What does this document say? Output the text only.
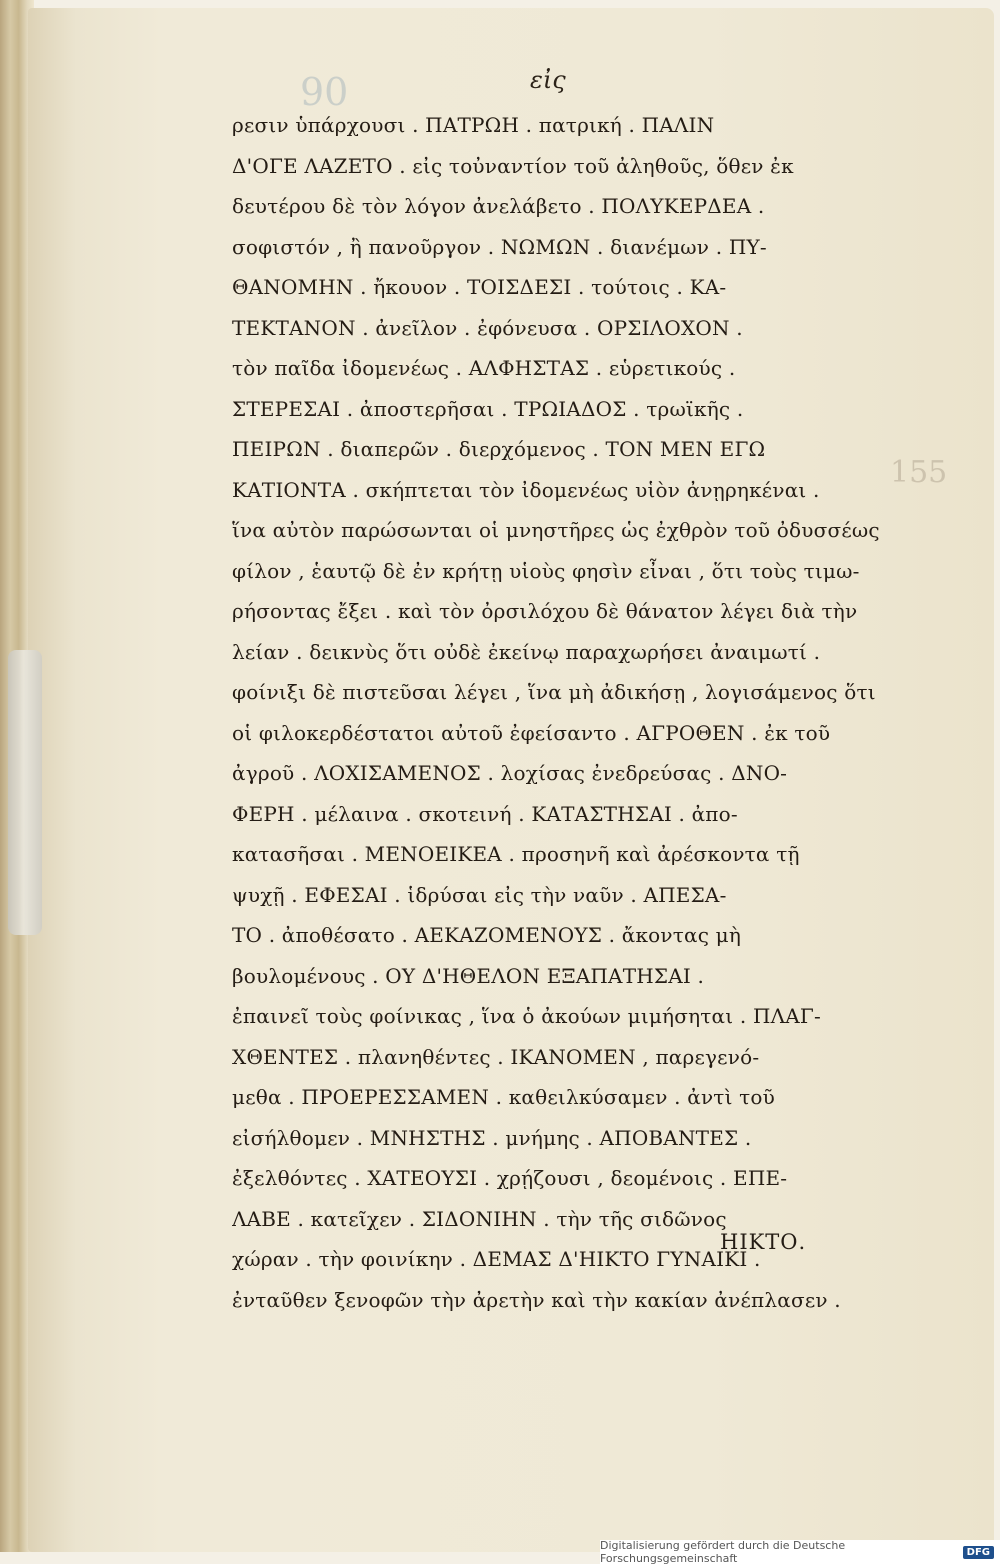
90
155
εἰς
ρεσιν ὑπάρχουσι . ΠΑΤΡΩΗ . πατρική . ΠΑΛΙΝ
Δ'ΟΓΕ ΛΑΖΕΤΟ . εἰς τοὐναντίον τοῦ ἀληθοῦς, ὅθεν ἐκ
δευτέρου δὲ τὸν λόγον ἀνελάβετο . ΠΟΛΥΚΕΡΔΕΑ .
σοφιστόν , ἢ πανοῦργον . ΝΩΜΩΝ . διανέμων . ΠΥ-
ΘΑΝΟΜΗΝ . ἤκουον . ΤΟΙΣΔΕΣΙ . τούτοις . ΚΑ-
ΤΕΚΤΑΝΟΝ . ἀνεῖλον . ἐφόνευσα . ΟΡΣΙΛΟΧΟΝ .
τὸν παῖδα ἰδομενέως . ΑΛΦΗΣΤΑΣ . εὑρετικούς .
ΣΤΕΡΕΣΑΙ . ἀποστερῆσαι . ΤΡΩΙΑΔΟΣ . τρωϊκῆς .
ΠΕΙΡΩΝ . διαπερῶν . διερχόμενος . ΤΟΝ ΜΕΝ ΕΓΩ
ΚΑΤΙΟΝΤΑ . σκήπτεται τὸν ἰδομενέως υἱὸν ἀνῃρηκέναι .
ἵνα αὐτὸν παρώσωνται οἱ μνηστῆρες ὡς ἐχθρὸν τοῦ ὀδυσσέως
φίλον , ἑαυτῷ δὲ ἐν κρήτῃ υἱοὺς φησὶν εἶναι , ὅτι τοὺς τιμω-
ρήσοντας ἔξει . καὶ τὸν ὀρσιλόχου δὲ θάνατον λέγει διὰ τὴν
λείαν . δεικνὺς ὅτι οὐδὲ ἐκείνῳ παραχωρήσει ἀναιμωτί .
φοίνιξι δὲ πιστεῦσαι λέγει , ἵνα μὴ ἀδικήσῃ , λογισάμενος ὅτι
οἱ φιλοκερδέστατοι αὐτοῦ ἐφείσαντο . ΑΓΡΟΘΕΝ . ἐκ τοῦ
ἀγροῦ . ΛΟΧΙΣΑΜΕΝΟΣ . λοχίσας ἐνεδρεύσας . ΔΝΟ-
ΦΕΡΗ . μέλαινα . σκοτεινή . ΚΑΤΑΣΤΗΣΑΙ . ἀπο-
κατασῆσαι . ΜΕΝΟΕΙΚΕΑ . προσηνῆ καὶ ἀρέσκοντα τῇ
ψυχῇ . ΕΦΕΣΑΙ . ἱδρύσαι εἰς τὴν ναῦν . ΑΠΕΣΑ-
ΤΟ . ἀποθέσατο . ΑΕΚΑΖΟΜΕΝΟΥΣ . ἄκοντας μὴ
βουλομένους . ΟΥ Δ'ΗΘΕΛΟΝ ΕΞΑΠΑΤΗΣΑΙ .
ἐπαινεῖ τοὺς φοίνικας , ἵνα ὁ ἀκούων μιμήσηται . ΠΛΑΓ-
ΧΘΕΝΤΕΣ . πλανηθέντες . ΙΚΑΝΟΜΕΝ , παρεγενό-
μεθα . ΠΡΟΕΡΕΣΣΑΜΕΝ . καθειλκύσαμεν . ἀντὶ τοῦ
εἰσήλθομεν . ΜΝΗΣΤΗΣ . μνήμης . ΑΠΟΒΑΝΤΕΣ .
ἐξελθόντες . ΧΑΤΕΟΥΣΙ . χρῄζουσι , δεομένοις . ΕΠΕ-
ΛΑΒΕ . κατεῖχεν . ΣΙΔΟΝΙΗΝ . τὴν τῆς σιδῶνος
χώραν . τὴν φοινίκην . ΔΕΜΑΣ Δ'ΗΙΚΤΟ ΓΥΝΑΙΚΙ .
ἐνταῦθεν ξενοφῶν τὴν ἀρετὴν καὶ τὴν κακίαν ἀνέπλασεν .
ΗΙΚΤΟ.
Digitalisierung gefördert durch die Deutsche Forschungsgemeinschaft	DFG
